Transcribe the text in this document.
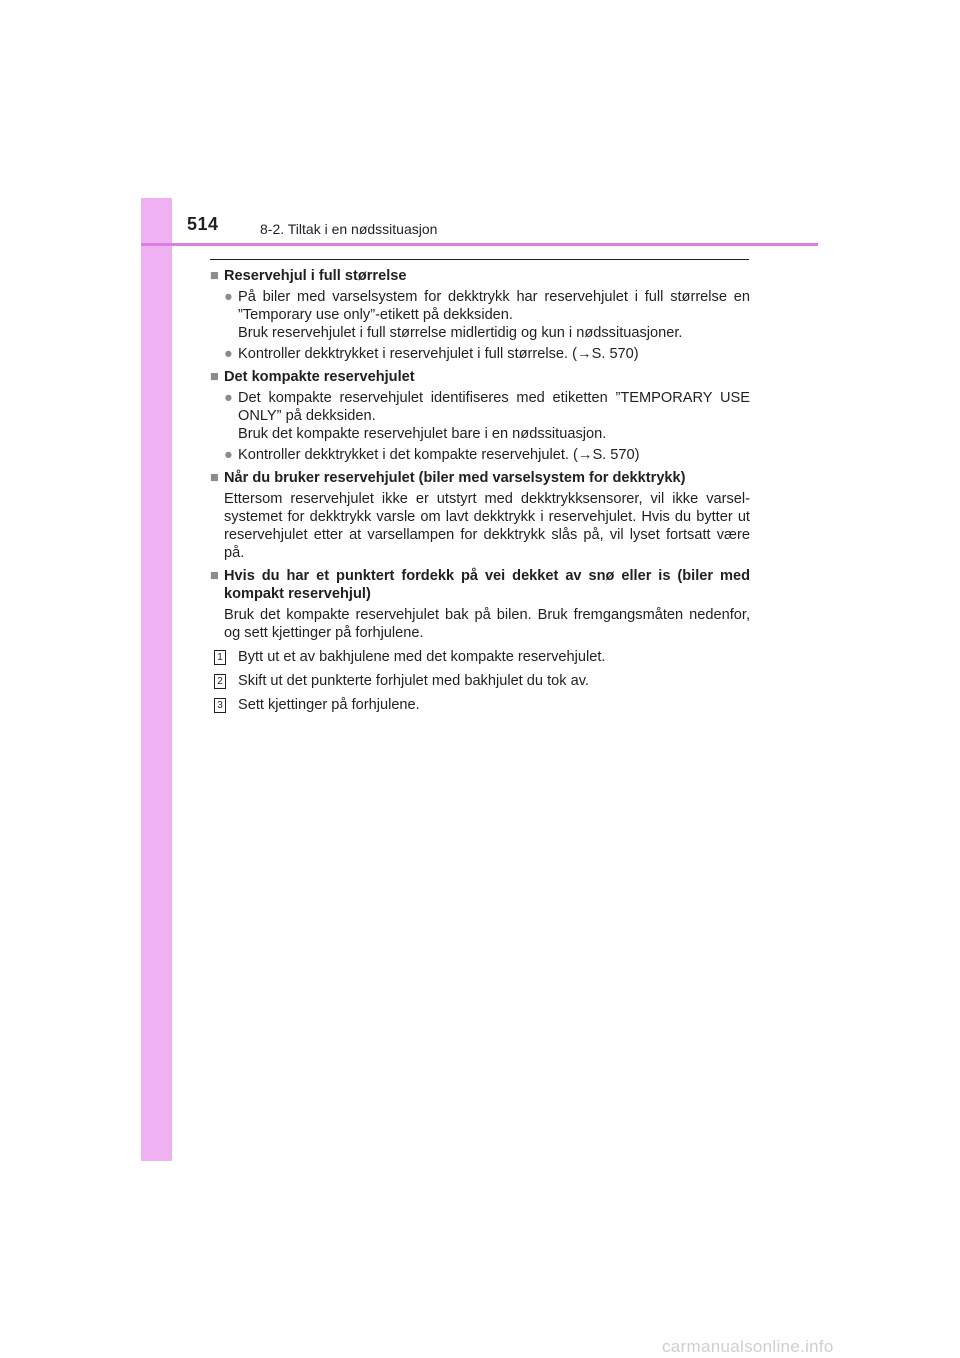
514	8-2. Tiltak i en nødssituasjon
■ Reservehjul i full størrelse
● På biler med varselsystem for dekktrykk har reservehjulet i full størrelse en ”Temporary use only”-etikett på dekksiden.
Bruk reservehjulet i full størrelse midlertidig og kun i nødssituasjoner.
● Kontroller dekktrykket i reservehjulet i full størrelse. (→S. 570)
■ Det kompakte reservehjulet
● Det kompakte reservehjulet identifiseres med etiketten ”TEMPORARY USE ONLY” på dekksiden.
Bruk det kompakte reservehjulet bare i en nødssituasjon.
● Kontroller dekktrykket i det kompakte reservehjulet. (→S. 570)
■ Når du bruker reservehjulet (biler med varselsystem for dekktrykk)
Ettersom reservehjulet ikke er utstyrt med dekktrykksensorer, vil ikke varsel-systemet for dekktrykk varsle om lavt dekktrykk i reservehjulet. Hvis du bytter ut reservehjulet etter at varsellampen for dekktrykk slås på, vil lyset fortsatt være på.
■ Hvis du har et punktert fordekk på vei dekket av snø eller is (biler med kompakt reservehjul)
Bruk det kompakte reservehjulet bak på bilen. Bruk fremgangsmåten nedenfor, og sett kjettinger på forhjulene.
1 Bytt ut et av bakhjulene med det kompakte reservehjulet.
2 Skift ut det punkterte forhjulet med bakhjulet du tok av.
3 Sett kjettinger på forhjulene.
carmanualsonline.info
